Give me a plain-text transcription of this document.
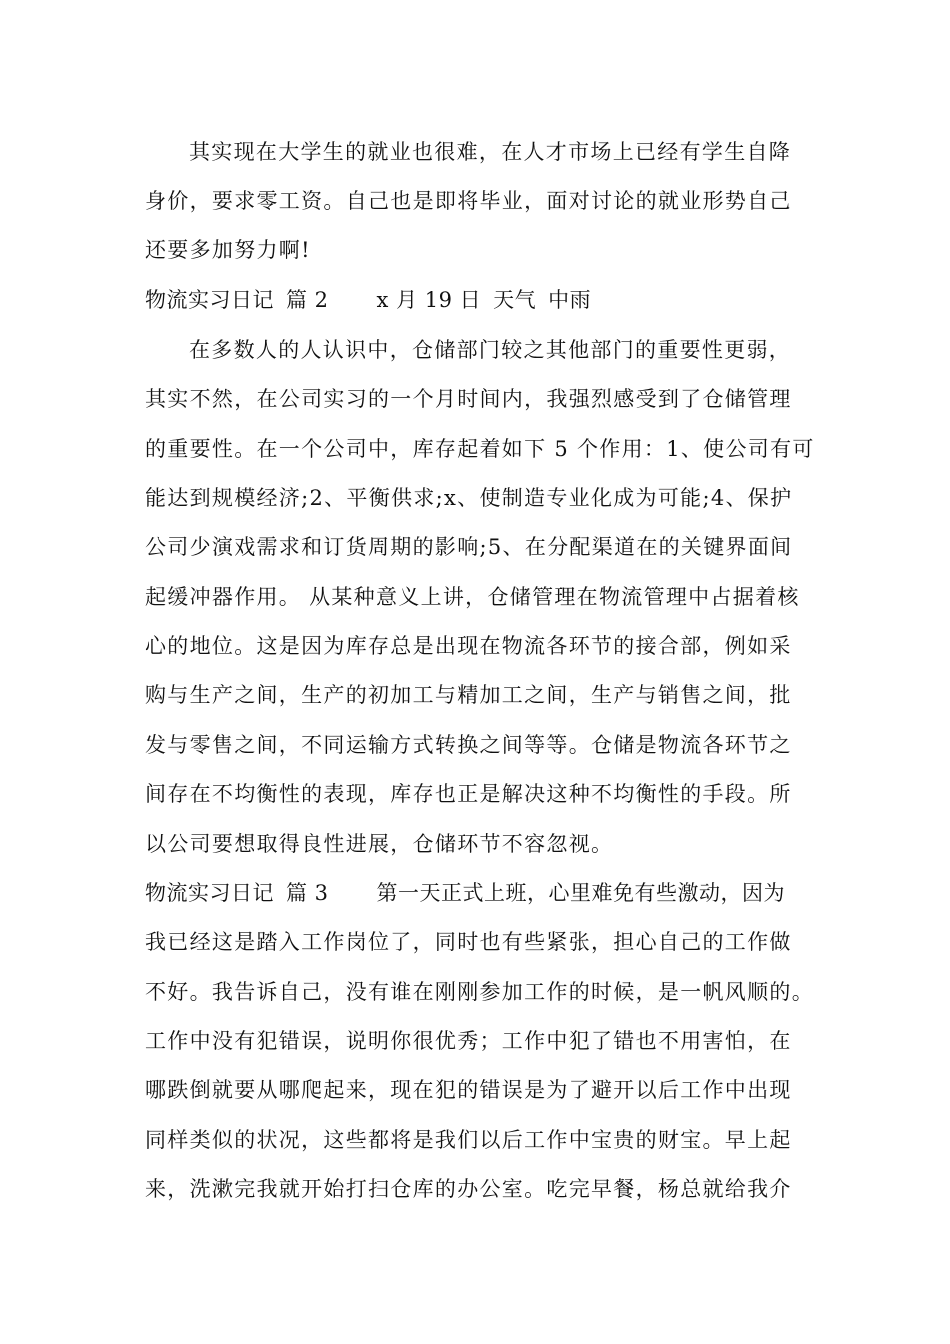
其实现在大学生的就业也很难，在人才市场上已经有学生自降

身价，要求零工资。自己也是即将毕业，面对讨论的就业形势自己

还要多加努力啊!

物流实习日记 篇 2 x 月 19 日 天气 中雨

在多数人的人认识中，仓储部门较之其他部门的重要性更弱，

其实不然，在公司实习的一个月时间内，我强烈感受到了仓储管理

的重要性。在一个公司中，库存起着如下 5 个作用：1、使公司有可

能达到规模经济;2、平衡供求;x、使制造专业化成为可能;4、保护

公司少演戏需求和订货周期的影响;5、在分配渠道在的关键界面间

起缓冲器作用。 从某种意义上讲，仓储管理在物流管理中占据着核

心的地位。这是因为库存总是出现在物流各环节的接合部，例如采

购与生产之间，生产的初加工与精加工之间，生产与销售之间，批

发与零售之间，不同运输方式转换之间等等。仓储是物流各环节之

间存在不均衡性的表现，库存也正是解决这种不均衡性的手段。所

以公司要想取得良性进展，仓储环节不容忽视。

物流实习日记 篇 3 第一天正式上班，心里难免有些激动，因为

我已经这是踏入工作岗位了，同时也有些紧张，担心自己的工作做

不好。我告诉自己，没有谁在刚刚参加工作的时候，是一帆风顺的。

工作中没有犯错误，说明你很优秀；工作中犯了错也不用害怕，在

哪跌倒就要从哪爬起来，现在犯的错误是为了避开以后工作中出现

同样类似的状况，这些都将是我们以后工作中宝贵的财宝。早上起

来，洗漱完我就开始打扫仓库的办公室。吃完早餐，杨总就给我介
